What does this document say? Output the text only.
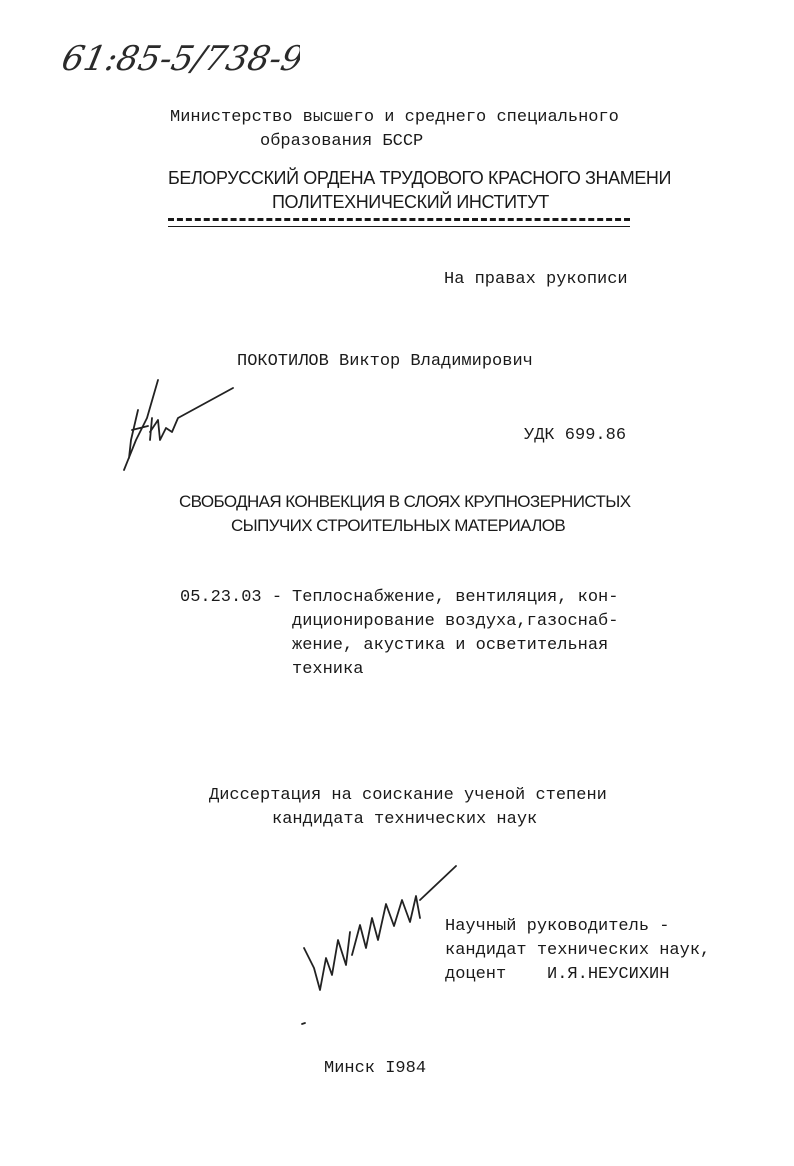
61:85-5/738-9
Министерство высшего и среднего специального
образования БССР
БЕЛОРУССКИЙ ОРДЕНА ТРУДОВОГО КРАСНОГО ЗНАМЕНИ
ПОЛИТЕХНИЧЕСКИЙ ИНСТИТУТ
На правах рукописи
ПОКОТИЛОВ Виктор Владимирович
УДК 699.86
СВОБОДНАЯ КОНВЕКЦИЯ В СЛОЯХ КРУПНОЗЕРНИСТЫХ
СЫПУЧИХ СТРОИТЕЛЬНЫХ МАТЕРИАЛОВ
05.23.03 - Теплоснабжение, вентиляция, кон-
диционирование воздуха,газоснаб-
жение, акустика и осветительная
техника
Диссертация на соискание ученой степени
кандидата технических наук
Научный руководитель -
кандидат технических наук,
доцент    И.Я.НЕУСИХИН
Минск I984
